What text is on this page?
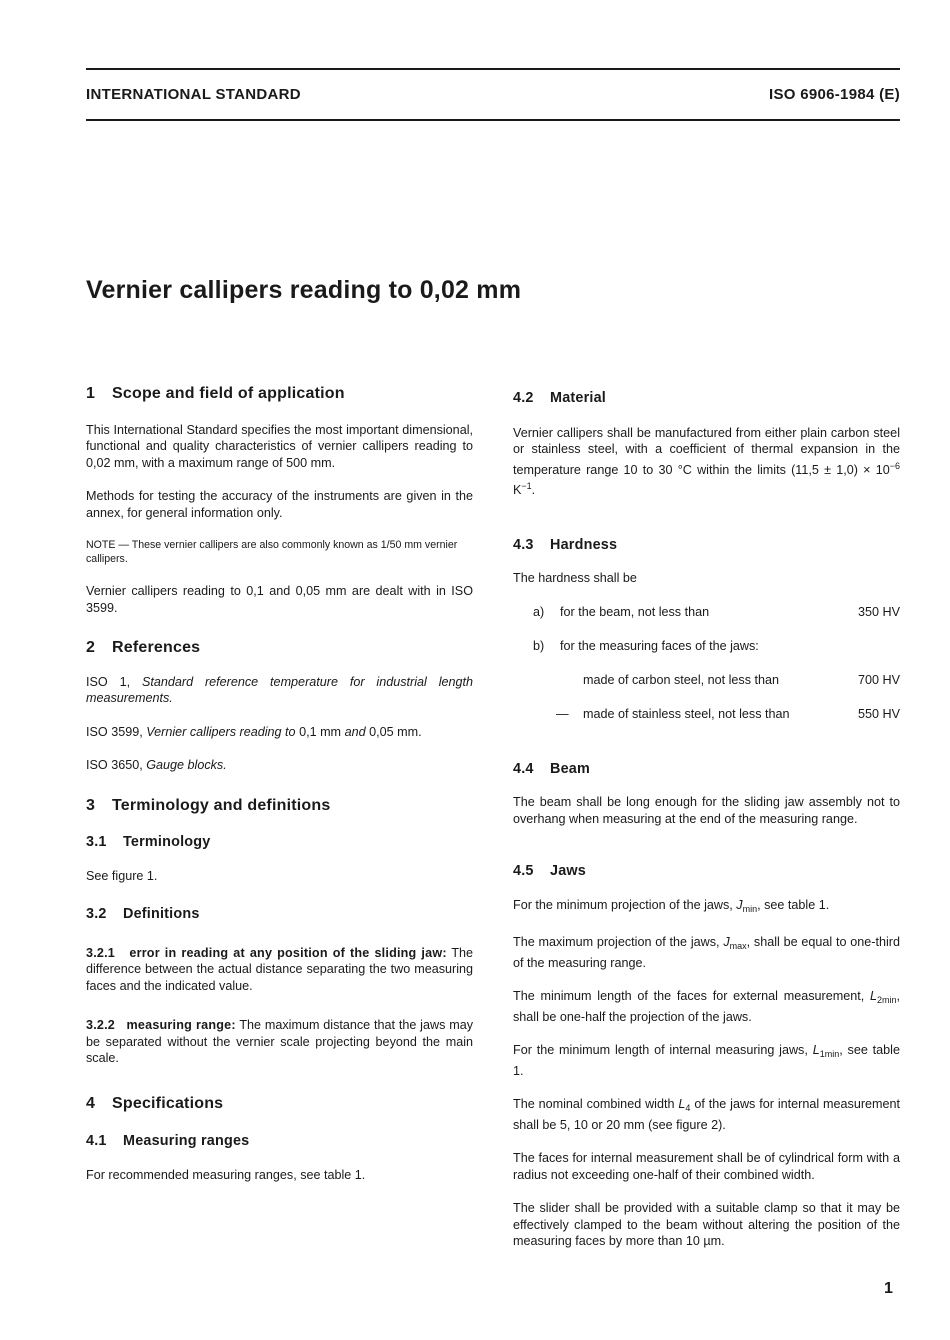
INTERNATIONAL STANDARD	ISO 6906-1984 (E)
Vernier callipers reading to 0,02 mm
1 Scope and field of application

This International Standard specifies the most important dimensional, functional and quality characteristics of vernier callipers reading to 0,02 mm, with a maximum range of 500 mm.

Methods for testing the accuracy of the instruments are given in the annex, for general information only.

NOTE — These vernier callipers are also commonly known as 1/50 mm vernier callipers.

Vernier callipers reading to 0,1 and 0,05 mm are dealt with in ISO 3599.

2 References

ISO 1, Standard reference temperature for industrial length measurements.

ISO 3599, Vernier callipers reading to 0,1 mm and 0,05 mm.

ISO 3650, Gauge blocks.

3 Terminology and definitions
3.1 Terminology

See figure 1.

3.2 Definitions

3.2.1 error in reading at any position of the sliding jaw: The difference between the actual distance separating the two measuring faces and the indicated value.

3.2.2 measuring range: The maximum distance that the jaws may be separated without the vernier scale projecting beyond the main scale.

4 Specifications
4.1 Measuring ranges

For recommended measuring ranges, see table 1.

4.2 Material

Vernier callipers shall be manufactured from either plain carbon steel or stainless steel, with a coefficient of thermal expansion in the temperature range 10 to 30 °C within the limits $(11,5 \pm 1,0) \times 10^{-6}$ $K^{-1}$.

4.3 Hardness

The hardness shall be

a) for the beam, not less than	350 HV
b) for the measuring faces of the jaws:
made of carbon steel, not less than	700 HV
— made of stainless steel, not less than	550 HV
4.4 Beam

The beam shall be long enough for the sliding jaw assembly not to overhang when measuring at the end of the measuring range.

4.5 Jaws

For the minimum projection of the jaws, $J_{min}$, see table 1.

The maximum projection of the jaws, $J_{max}$, shall be equal to one-third of the measuring range.

The minimum length of the faces for external measurement, $L_{2min}$, shall be one-half the projection of the jaws.

For the minimum length of internal measuring jaws, $L_{1min}$, see table 1.

The nominal combined width $L_4$ of the jaws for internal measurement shall be 5, 10 or 20 mm (see figure 2).

The faces for internal measurement shall be of cylindrical form with a radius not exceeding one-half of their combined width.

The slider shall be provided with a suitable clamp so that it may be effectively clamped to the beam without altering the position of the measuring faces by more than 10 µm.

1
